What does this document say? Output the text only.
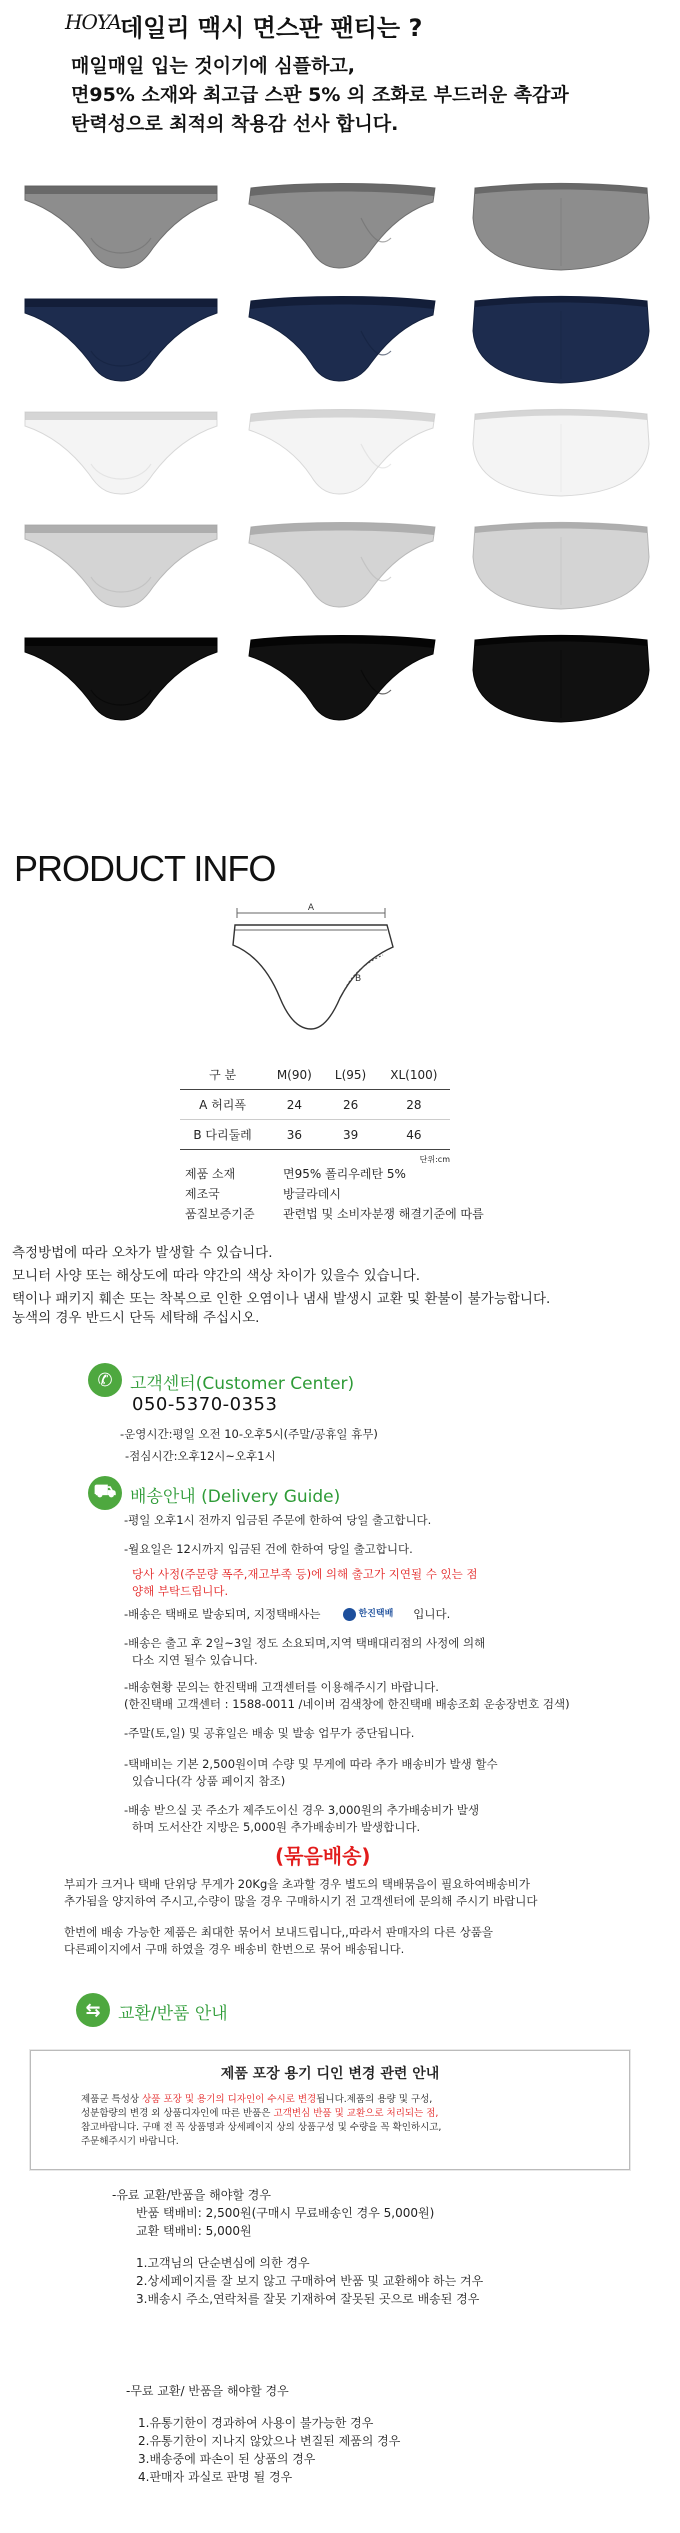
HOYA 데일리 맥시 면스판 팬티는 ?
매일매일 입는 것이기에 심플하고,
면95% 소재와 최고급 스판 5% 의 조화로 부드러운 촉감과
탄력성으로 최적의 착용감 선사 합니다.
PRODUCT INFO
A
B
구 분	M(90)	L(95)	XL(100)
A 허리폭	24	26	28
B 다리둘레	36	39	46
단위:cm
제품 소재	면95% 폴리우레탄 5%
제조국	방글라데시
품질보증기준	관련법 및 소비자분쟁 해결기준에 따름
측정방법에 따라 오차가 발생할 수 있습니다.
모니터 사양 또는 해상도에 따라 약간의 색상 차이가 있을수 있습니다.
택이나 패키지 훼손 또는 착복으로 인한 오염이나 냄새 발생시 교환 및 환불이 불가능합니다.
농색의 경우 반드시 단독 세탁해 주십시오.
✆	고객센터(Customer Center)
050-5370-0353
-운영시간:평일 오전 10-오후5시(주말/공휴일 휴무)
-점심시간:오후12시~오후1시
⛟ 배송안내 (Delivery Guide)
-평일 오후1시 전까지 입금된 주문에 한하여 당일 출고합니다.
-월요일은 12시까지 입금된 건에 한하여 당일 출고합니다.
당사 사정(주문량 폭주,재고부족 등)에 의해 출고가 지연될 수 있는 점
양해 부탁드립니다.
-배송은 택배로 발송되며, 지정택배사는	한진택배 입니다.
-배송은 출고 후 2일~3일 정도 소요되며,지역 택배대리점의 사정에 의해
다소 지연 될수 있습니다.
-배송현황 문의는 한진택배 고객센터를 이용해주시기 바랍니다.
(한진택배 고객센터 : 1588-0011 /네이버 검색창에 한진택배 배송조회 운송장번호 검색)
-주말(토,일) 및 공휴일은 배송 및 발송 업무가 중단됩니다.
-택배비는 기본 2,500원이며 수량 및 무게에 따라 추가 배송비가 발생 할수
있습니다(각 상품 페이지 참조)
-배송 받으실 곳 주소가 제주도이신 경우 3,000원의 추가배송비가 발생
하며 도서산간 지방은 5,000원 추가배송비가 발생합니다.
(묶음배송)
부피가 크거나 택배 단위당 무게가 20Kg을 초과할 경우 별도의 택배묶음이 필요하여배송비가
추가됨을 양지하여 주시고,수량이 많을 경우 구매하시기 전 고객센터에 문의해 주시기 바랍니다
한번에 배송 가능한 제품은 최대한 묶어서 보내드립니다,,따라서 판매자의 다른 상품을
다른페이지에서 구매 하였을 경우 배송비 한번으로 묶어 배송됩니다.
⇆	교환/반품 안내
제품 포장 용기 디인 변경 관련 안내
제품군 특성상 상품 포장 및 용기의 디자인이 수시로 변경됩니다.제품의 용량 및 구성,
성분함량의 변경 외 상품디자인에 따른 반품은 고객변심 반품 및 교환으로 처리되는 점,
참고바랍니다. 구매 전 꼭 상품명과 상세페이지 상의 상품구성 및 수량을 꼭 확인하시고,
주문해주시기 바랍니다.
-유료 교환/반품을 해야할 경우
반품 택배비: 2,500원(구매시 무료배송인 경우 5,000원)
교환 택배비: 5,000원
1.고객님의 단순변심에 의한 경우
2.상세페이지를 잘 보지 않고 구매하여 반품 및 교환해야 하는 겨우
3.배송시 주소,연락처를 잘못 기재하여 잘못된 곳으로 배송된 경우
-무료 교환/ 반품을 해야할 경우
1.유통기한이 경과하여 사용이 불가능한 경우
2.유통기한이 지나지 않았으나 변질된 제품의 경우
3.배송중에 파손이 된 상품의 경우
4.판매자 과실로 판명 될 경우
